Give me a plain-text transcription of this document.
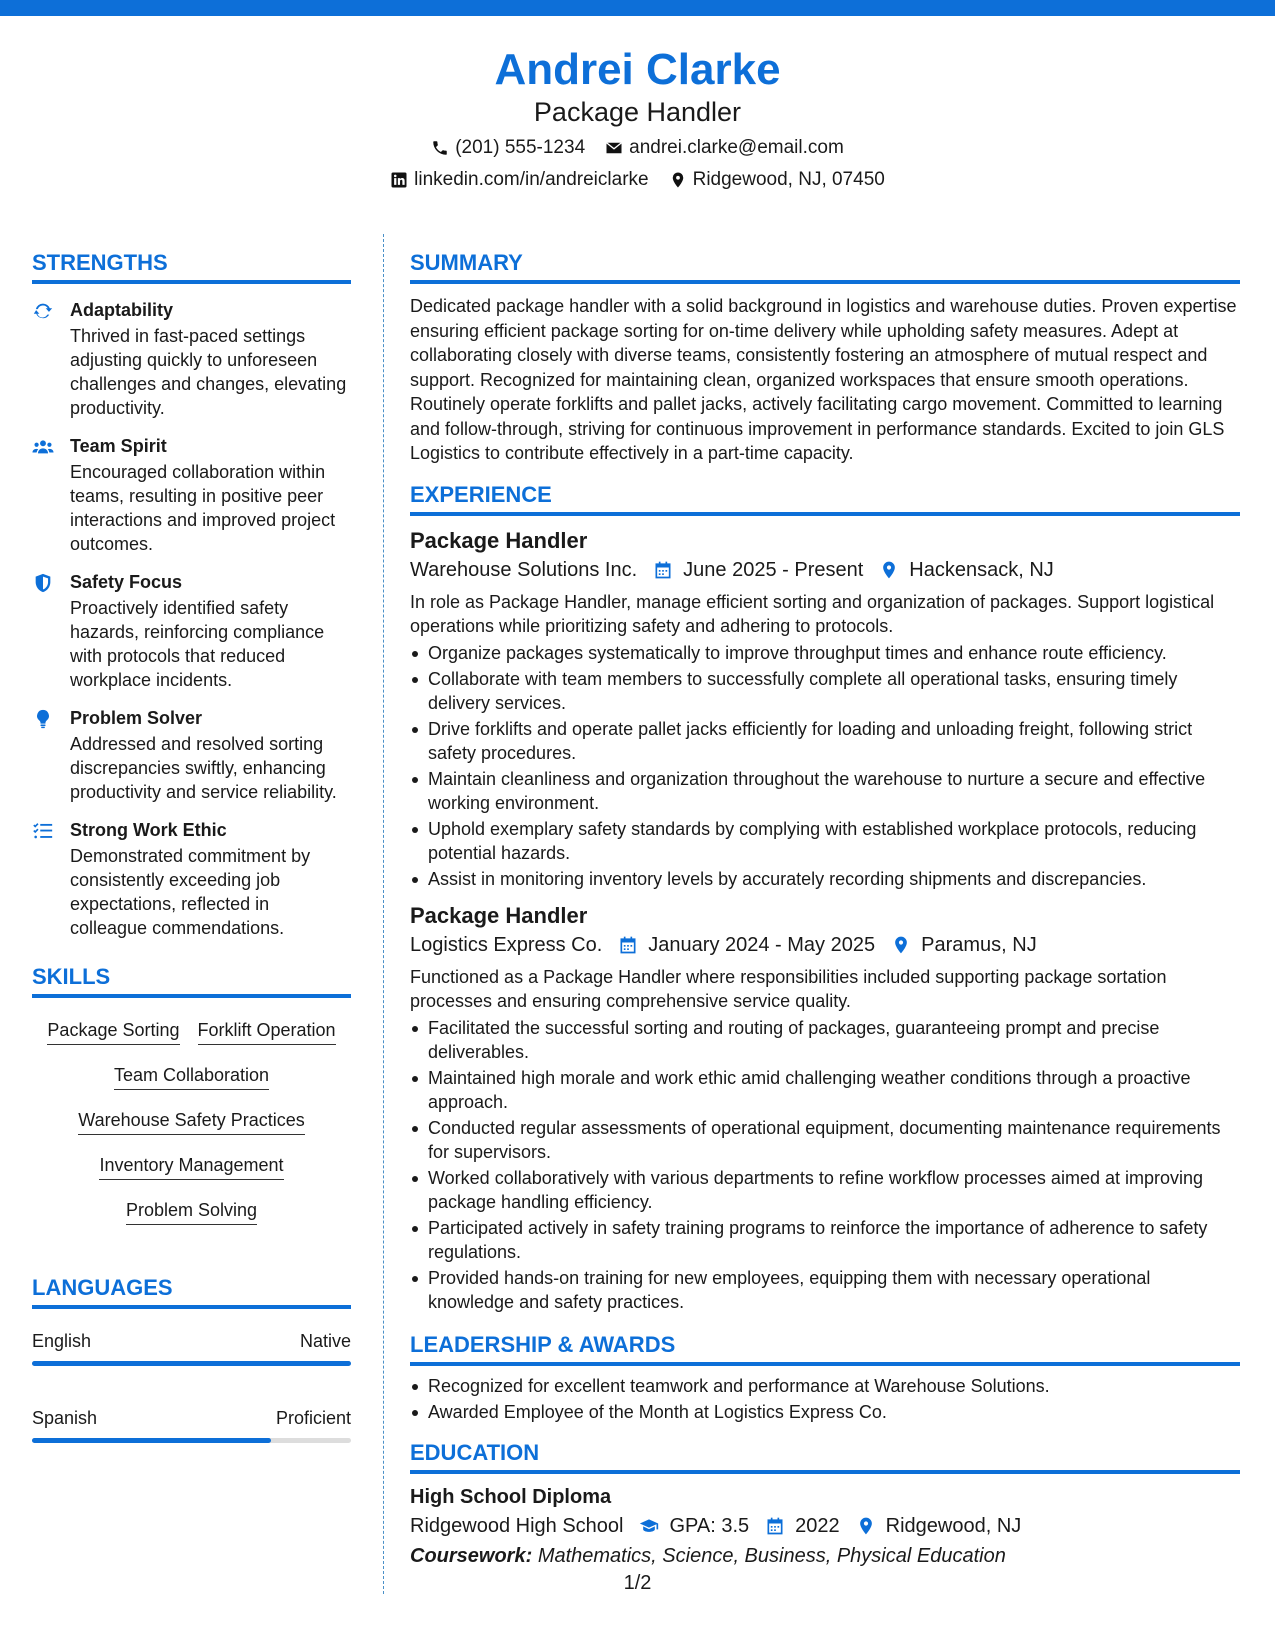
Andrei Clarke
Package Handler
(201) 555-1234 andrei.clarke@email.com
linkedin.com/in/andreiclarke Ridgewood, NJ, 07450
STRENGTHS
Adaptability
Thrived in fast-paced settings adjusting quickly to unforeseen challenges and changes, elevating productivity.
Team Spirit
Encouraged collaboration within teams, resulting in positive peer interactions and improved project outcomes.
Safety Focus
Proactively identified safety hazards, reinforcing compliance with protocols that reduced workplace incidents.
Problem Solver
Addressed and resolved sorting discrepancies swiftly, enhancing productivity and service reliability.
Strong Work Ethic
Demonstrated commitment by consistently exceeding job expectations, reflected in colleague commendations.
SKILLS
Package Sorting Forklift Operation
Team Collaboration
Warehouse Safety Practices
Inventory Management
Problem Solving
LANGUAGES
English	Native
Spanish	Proficient
SUMMARY
Dedicated package handler with a solid background in logistics and warehouse duties. Proven expertise ensuring efficient package sorting for on-time delivery while upholding safety measures. Adept at collaborating closely with diverse teams, consistently fostering an atmosphere of mutual respect and support. Recognized for maintaining clean, organized workspaces that ensure smooth operations. Routinely operate forklifts and pallet jacks, actively facilitating cargo movement. Committed to learning and follow-through, striving for continuous improvement in performance standards. Excited to join GLS Logistics to contribute effectively in a part-time capacity.
EXPERIENCE
Package Handler
Warehouse Solutions Inc. June 2025 - Present Hackensack, NJ
In role as Package Handler, manage efficient sorting and organization of packages. Support logistical operations while prioritizing safety and adhering to protocols.
Organize packages systematically to improve throughput times and enhance route efficiency.
Collaborate with team members to successfully complete all operational tasks, ensuring timely delivery services.
Drive forklifts and operate pallet jacks efficiently for loading and unloading freight, following strict safety procedures.
Maintain cleanliness and organization throughout the warehouse to nurture a secure and effective working environment.
Uphold exemplary safety standards by complying with established workplace protocols, reducing potential hazards.
Assist in monitoring inventory levels by accurately recording shipments and discrepancies.
Package Handler
Logistics Express Co. January 2024 - May 2025 Paramus, NJ
Functioned as a Package Handler where responsibilities included supporting package sortation processes and ensuring comprehensive service quality.
Facilitated the successful sorting and routing of packages, guaranteeing prompt and precise deliverables.
Maintained high morale and work ethic amid challenging weather conditions through a proactive approach.
Conducted regular assessments of operational equipment, documenting maintenance requirements for supervisors.
Worked collaboratively with various departments to refine workflow processes aimed at improving package handling efficiency.
Participated actively in safety training programs to reinforce the importance of adherence to safety regulations.
Provided hands-on training for new employees, equipping them with necessary operational knowledge and safety practices.
LEADERSHIP & AWARDS
Recognized for excellent teamwork and performance at Warehouse Solutions.
Awarded Employee of the Month at Logistics Express Co.
EDUCATION
High School Diploma
Ridgewood High School GPA: 3.5 2022 Ridgewood, NJ
Coursework: Mathematics, Science, Business, Physical Education
1/2
